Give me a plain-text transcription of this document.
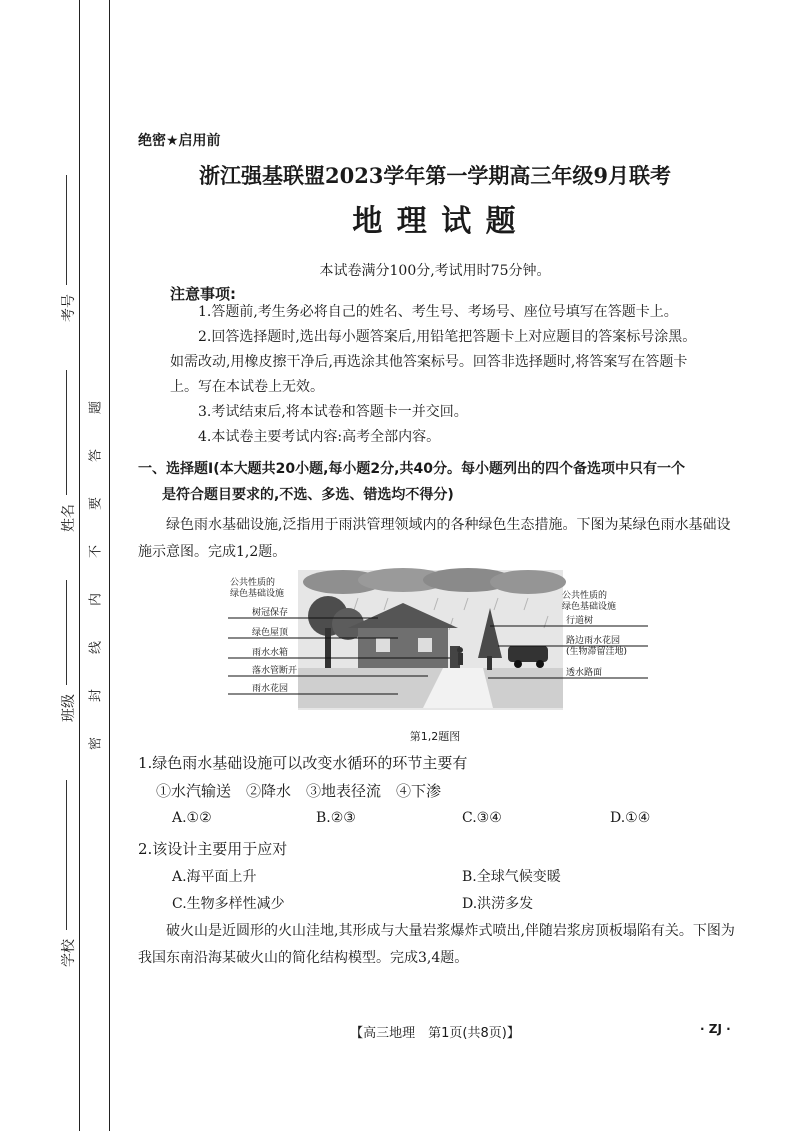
考号
姓名
班级
学校
题
答
要
不
内
线
封
密
绝密★启用前
浙江强基联盟2023学年第一学期高三年级9月联考
地 理 试 题
本试卷满分100分,考试用时75分钟。
注意事项:

1.答题前,考生务必将自己的姓名、考生号、考场号、座位号填写在答题卡上。

2.回答选择题时,选出每小题答案后,用铅笔把答题卡上对应题目的答案标号涂黑。如需改动,用橡皮擦干净后,再选涂其他答案标号。回答非选择题时,将答案写在答题卡上。写在本试卷上无效。

3.考试结束后,将本试卷和答题卡一并交回。

4.本试卷主要考试内容:高考全部内容。

一、选择题Ⅰ(本大题共20小题,每小题2分,共40分。每小题列出的四个备选项中只有一个

是符合题目要求的,不选、多选、错选均不得分)

绿色雨水基础设施,泛指用于雨洪管理领域内的各种绿色生态措施。下图为某绿色雨水基础设施示意图。完成1,2题。
公共性质的
绿色基础设施
树冠保存
绿色屋顶
雨水水箱
落水管断开
雨水花园
公共性质的
绿色基础设施
行道树
路边雨水花园
(生物滞留洼地)
透水路面
第1,2题图
1.绿色雨水基础设施可以改变水循环的环节主要有
①水汽输送　②降水　③地表径流　④下渗
A.①②	B.②③	C.③④	D.①④
2.该设计主要用于应对
A.海平面上升	B.全球气候变暖
C.生物多样性减少	D.洪涝多发
破火山是近圆形的火山洼地,其形成与大量岩浆爆炸式喷出,伴随岩浆房顶板塌陷有关。下图为我国东南沿海某破火山的简化结构模型。完成3,4题。
【高三地理　第1页(共8页)】	· ZJ ·
